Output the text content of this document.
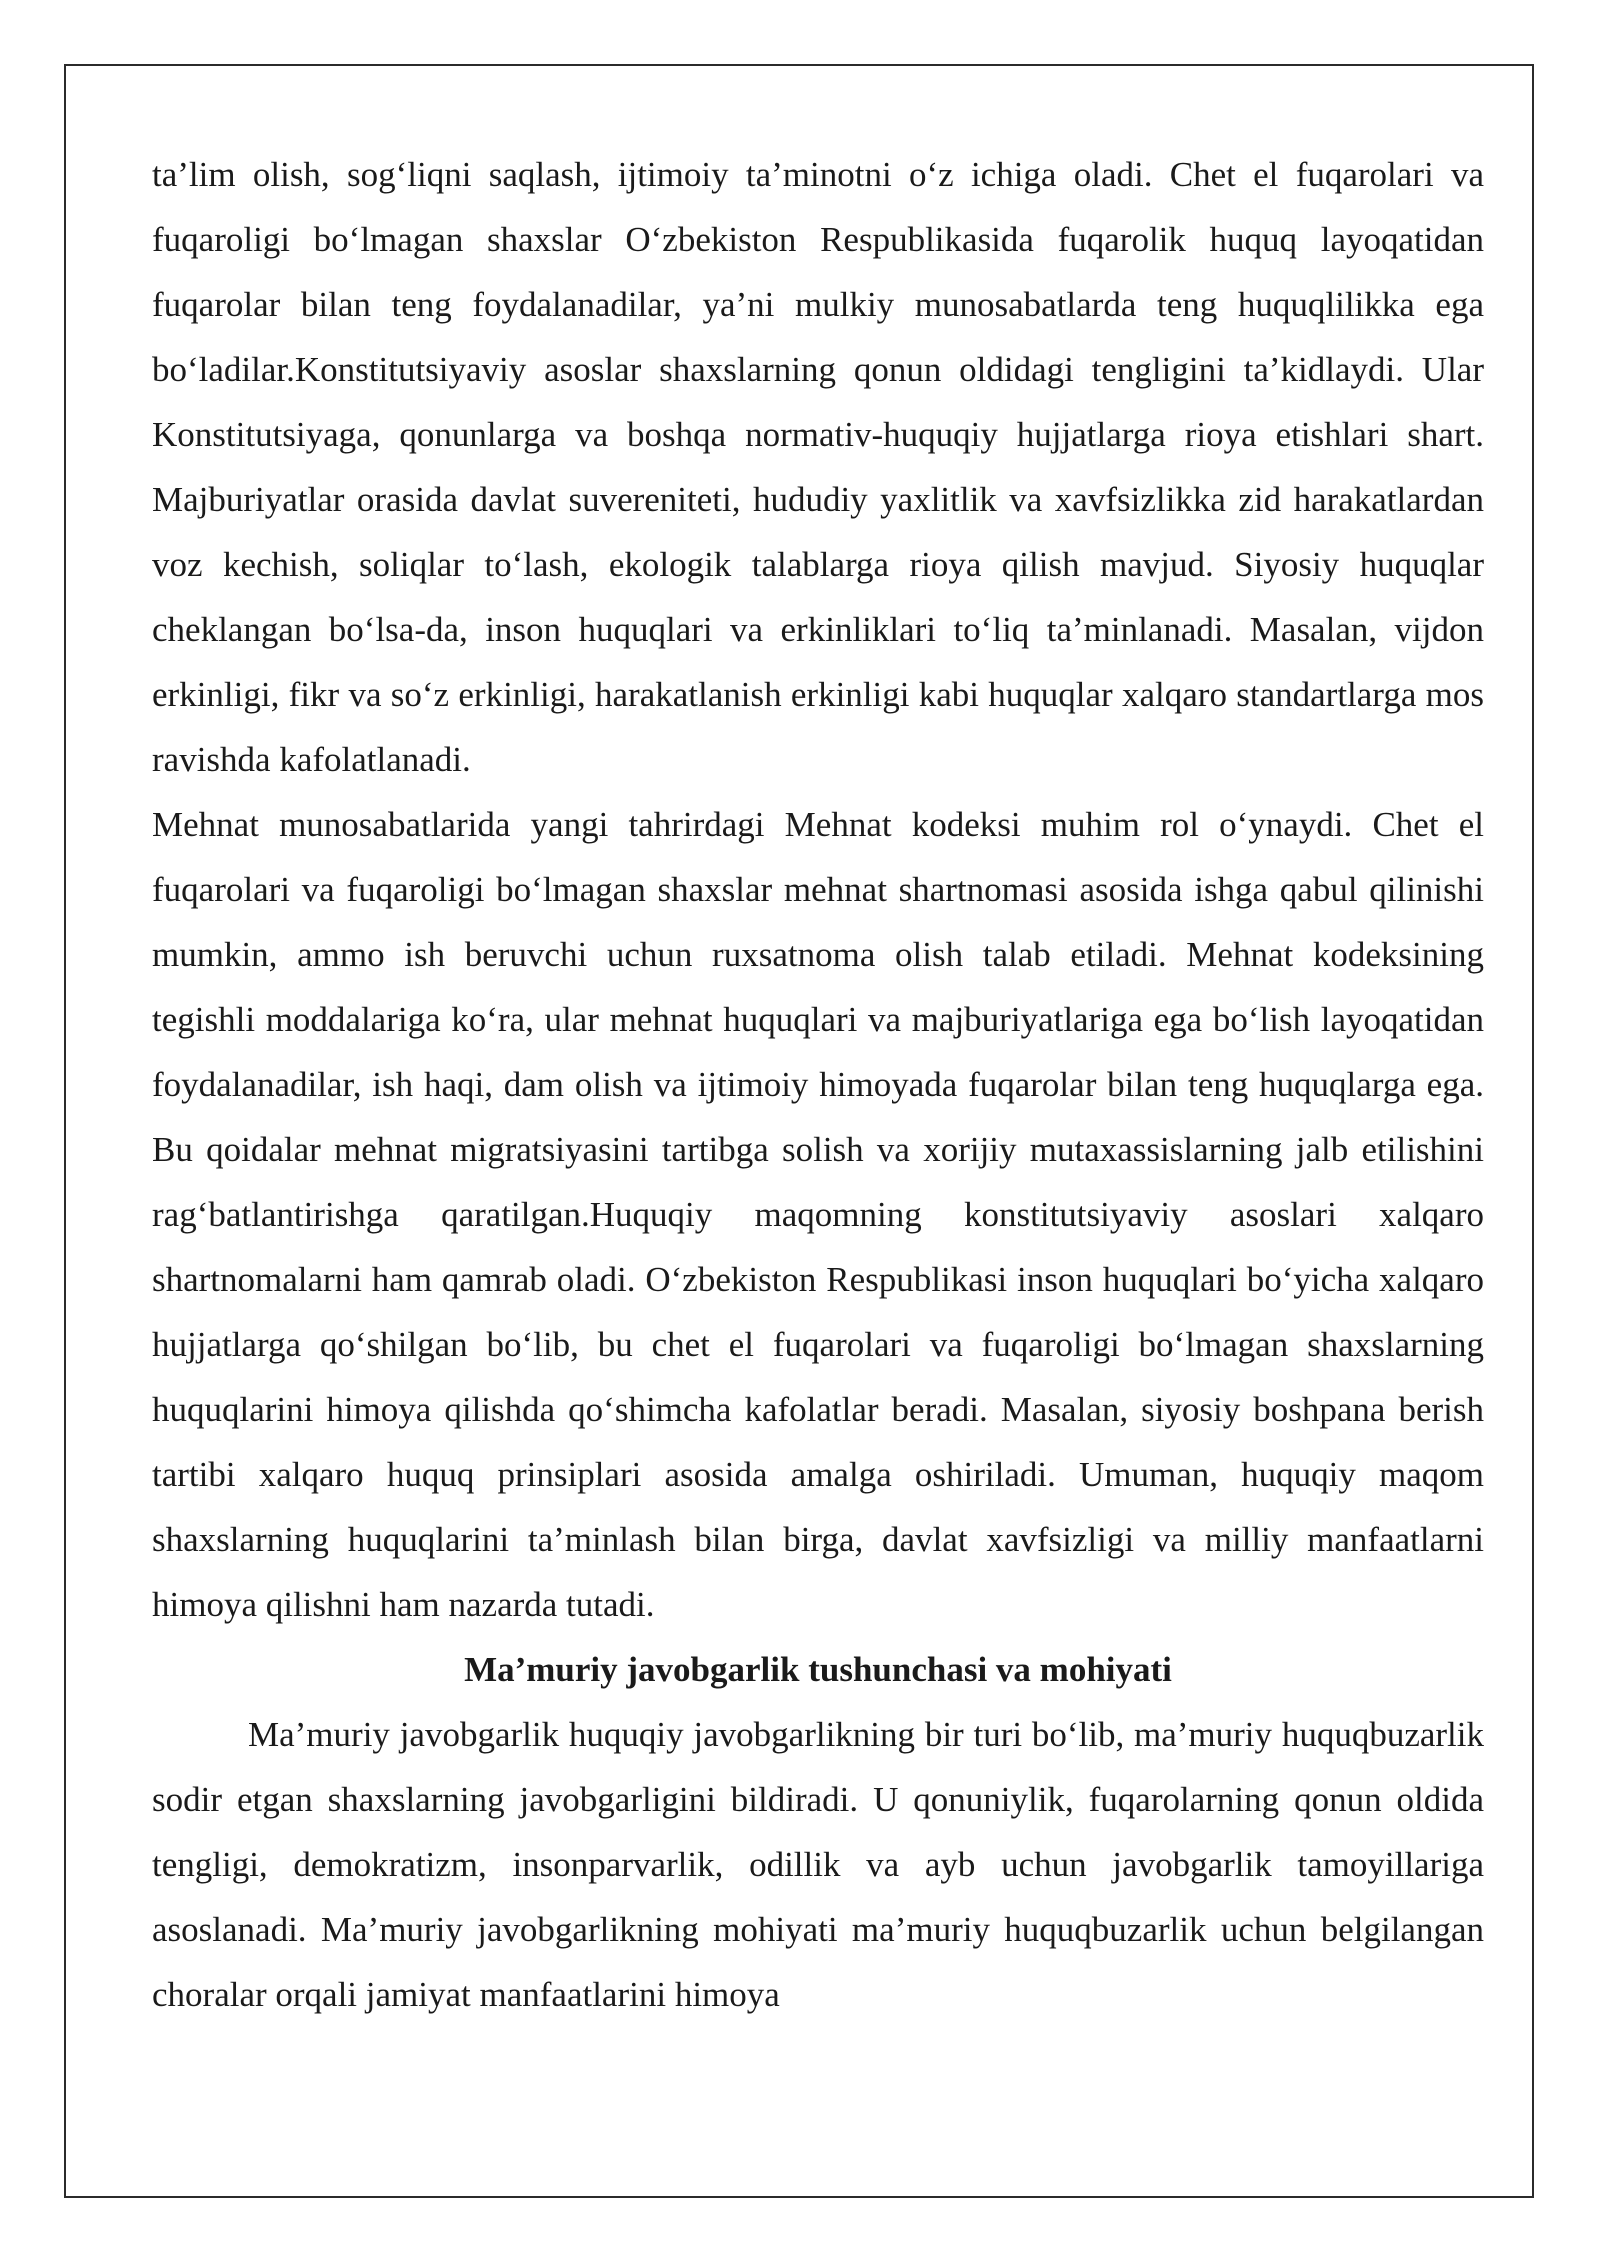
ta’lim olish, sog‘liqni saqlash, ijtimoiy ta’minotni o‘z ichiga oladi. Chet el fuqarolari va fuqaroligi bo‘lmagan shaxslar O‘zbekiston Respublikasida fuqarolik huquq layoqatidan fuqarolar bilan teng foydalanadilar, ya’ni mulkiy munosabatlarda teng huquqlilikka ega bo‘ladilar.Konstitutsiyaviy asoslar shaxslarning qonun oldidagi tengligini ta’kidlaydi. Ular Konstitutsiyaga, qonunlarga va boshqa normativ-huquqiy hujjatlarga rioya etishlari shart. Majburiyatlar orasida davlat suvereniteti, hududiy yaxlitlik va xavfsizlikka zid harakatlardan voz kechish, soliqlar to‘lash, ekologik talablarga rioya qilish mavjud. Siyosiy huquqlar cheklangan bo‘lsa-da, inson huquqlari va erkinliklari to‘liq ta’minlanadi. Masalan, vijdon erkinligi, fikr va so‘z erkinligi, harakatlanish erkinligi kabi huquqlar xalqaro standartlarga mos ravishda kafolatlanadi.

Mehnat munosabatlarida yangi tahrirdagi Mehnat kodeksi muhim rol o‘ynaydi. Chet el fuqarolari va fuqaroligi bo‘lmagan shaxslar mehnat shartnomasi asosida ishga qabul qilinishi mumkin, ammo ish beruvchi uchun ruxsatnoma olish talab etiladi. Mehnat kodeksining tegishli moddalariga ko‘ra, ular mehnat huquqlari va majburiyatlariga ega bo‘lish layoqatidan foydalanadilar, ish haqi, dam olish va ijtimoiy himoyada fuqarolar bilan teng huquqlarga ega. Bu qoidalar mehnat migratsiyasini tartibga solish va xorijiy mutaxassislarning jalb etilishini rag‘batlantirishga qaratilgan.Huquqiy maqomning konstitutsiyaviy asoslari xalqaro shartnomalarni ham qamrab oladi. O‘zbekiston Respublikasi inson huquqlari bo‘yicha xalqaro hujjatlarga qo‘shilgan bo‘lib, bu chet el fuqarolari va fuqaroligi bo‘lmagan shaxslarning huquqlarini himoya qilishda qo‘shimcha kafolatlar beradi. Masalan, siyosiy boshpana berish tartibi xalqaro huquq prinsiplari asosida amalga oshiriladi. Umuman, huquqiy maqom shaxslarning huquqlarini ta’minlash bilan birga, davlat xavfsizligi va milliy manfaatlarni himoya qilishni ham nazarda tutadi.

Ma’muriy javobgarlik tushunchasi va mohiyati

Ma’muriy javobgarlik huquqiy javobgarlikning bir turi bo‘lib, ma’muriy huquqbuzarlik sodir etgan shaxslarning javobgarligini bildiradi. U qonuniylik, fuqarolarning qonun oldida tengligi, demokratizm, insonparvarlik, odillik va ayb uchun javobgarlik tamoyillariga asoslanadi. Ma’muriy javobgarlikning mohiyati ma’muriy huquqbuzarlik uchun belgilangan choralar orqali jamiyat manfaatlarini himoya
